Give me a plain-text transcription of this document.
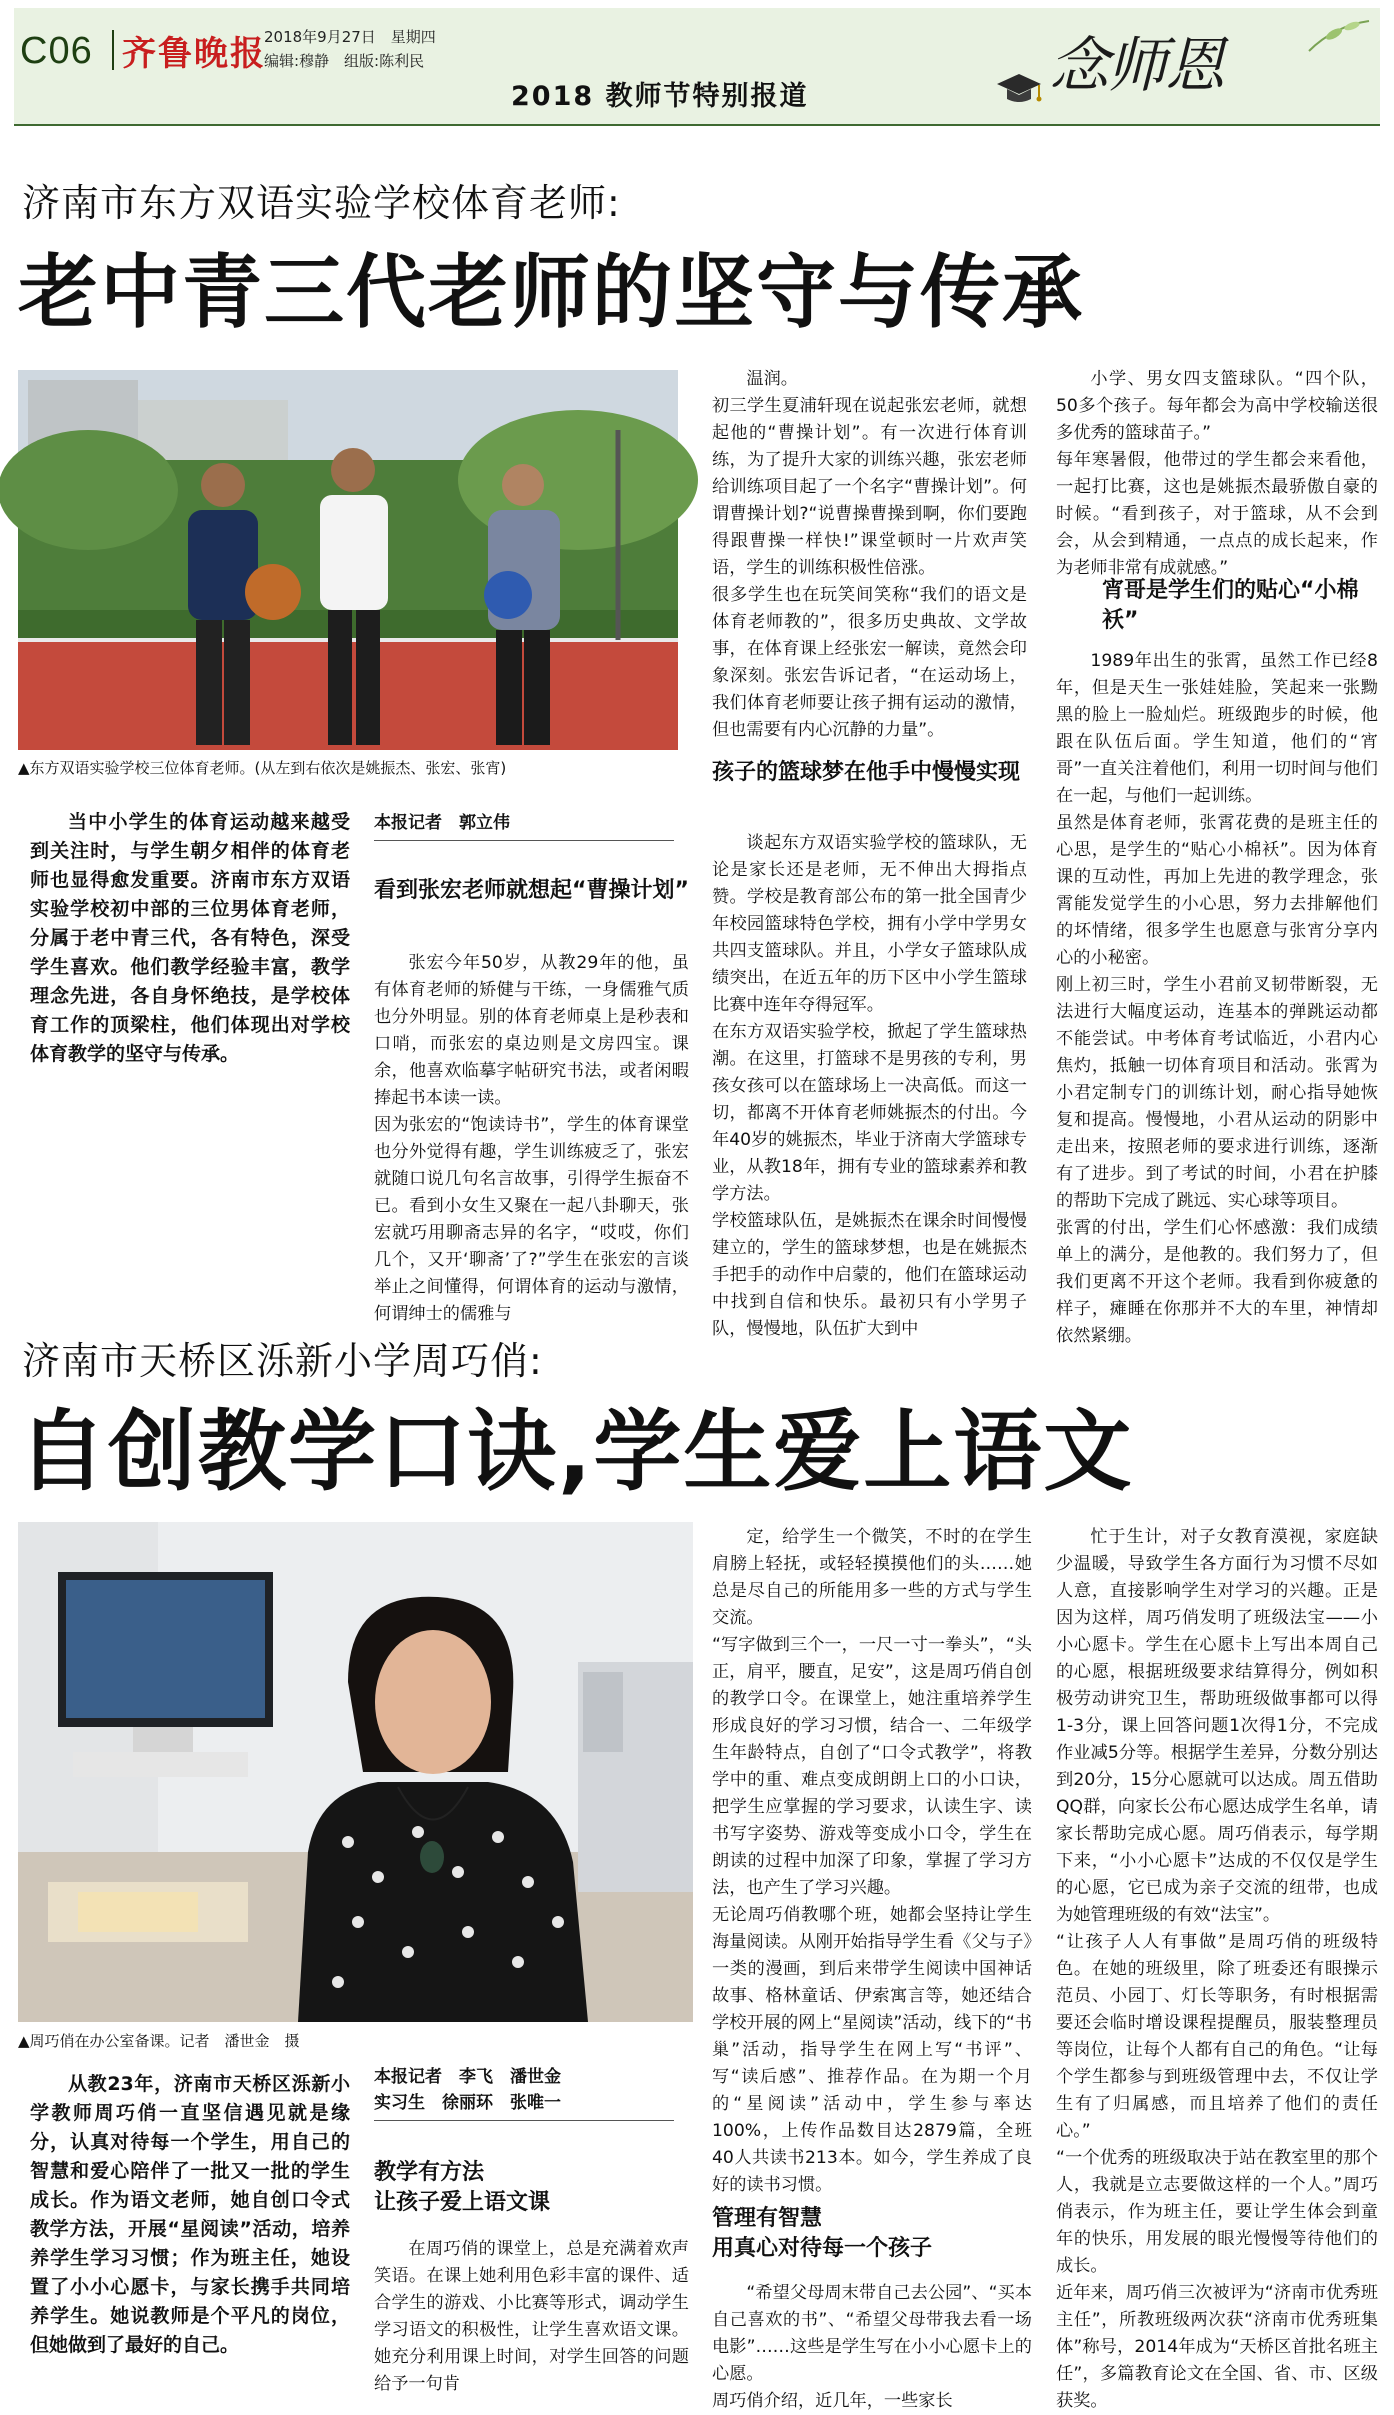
C06 齐鲁晚报
2018年9月27日　星期四
编辑:穆静　组版:陈利民
2018 教师节特别报道	念师恩
济南市东方双语实验学校体育老师:
老中青三代老师的坚守与传承
▲东方双语实验学校三位体育老师。(从左到右依次是姚振杰、张宏、张宵)
当中小学生的体育运动越来越受到关注时，与学生朝夕相伴的体育老师也显得愈发重要。济南市东方双语实验学校初中部的三位男体育老师，分属于老中青三代，各有特色，深受学生喜欢。他们教学经验丰富，教学理念先进，各自身怀绝技，是学校体育工作的顶梁柱，他们体现出对学校体育教学的坚守与传承。
本报记者　郭立伟
看到张宏老师就想起“曹操计划”
张宏今年50岁，从教29年的他，虽有体育老师的矫健与干练，一身儒雅气质也分外明显。别的体育老师桌上是秒表和口哨，而张宏的桌边则是文房四宝。课余，他喜欢临摹字帖研究书法，或者闲暇捧起书本读一读。
因为张宏的“饱读诗书”，学生的体育课堂也分外觉得有趣，学生训练疲乏了，张宏就随口说几句名言故事，引得学生振奋不已。看到小女生又聚在一起八卦聊天，张宏就巧用聊斋志异的名字，“哎哎，你们几个，又开‘聊斋’了?”学生在张宏的言谈举止之间懂得，何谓体育的运动与激情，何谓绅士的儒雅与
温润。
初三学生夏浦轩现在说起张宏老师，就想起他的“曹操计划”。有一次进行体育训练，为了提升大家的训练兴趣，张宏老师给训练项目起了一个名字“曹操计划”。何谓曹操计划?“说曹操曹操到啊，你们要跑得跟曹操一样快!”课堂顿时一片欢声笑语，学生的训练积极性倍涨。
很多学生也在玩笑间笑称“我们的语文是体育老师教的”，很多历史典故、文学故事，在体育课上经张宏一解读，竟然会印象深刻。张宏告诉记者，“在运动场上，我们体育老师要让孩子拥有运动的激情，但也需要有内心沉静的力量”。
孩子的篮球梦在他手中慢慢实现
谈起东方双语实验学校的篮球队，无论是家长还是老师，无不伸出大拇指点赞。学校是教育部公布的第一批全国青少年校园篮球特色学校，拥有小学中学男女共四支篮球队。并且，小学女子篮球队成绩突出，在近五年的历下区中小学生篮球比赛中连年夺得冠军。
在东方双语实验学校，掀起了学生篮球热潮。在这里，打篮球不是男孩的专利，男孩女孩可以在篮球场上一决高低。而这一切，都离不开体育老师姚振杰的付出。今年40岁的姚振杰，毕业于济南大学篮球专业，从教18年，拥有专业的篮球素养和教学方法。
学校篮球队伍，是姚振杰在课余时间慢慢建立的，学生的篮球梦想，也是在姚振杰手把手的动作中启蒙的，他们在篮球运动中找到自信和快乐。最初只有小学男子队，慢慢地，队伍扩大到中
小学、男女四支篮球队。“四个队，50多个孩子。每年都会为高中学校输送很多优秀的篮球苗子。”
每年寒暑假，他带过的学生都会来看他，一起打比赛，这也是姚振杰最骄傲自豪的时候。“看到孩子，对于篮球，从不会到会，从会到精通，一点点的成长起来，作为老师非常有成就感。”
宵哥是学生们的贴心“小棉袄”
1989年出生的张霄，虽然工作已经8年，但是天生一张娃娃脸，笑起来一张黝黑的脸上一脸灿烂。班级跑步的时候，他跟在队伍后面。学生知道，他们的“宵哥”一直关注着他们，利用一切时间与他们在一起，与他们一起训练。
虽然是体育老师，张霄花费的是班主任的心思，是学生的“贴心小棉袄”。因为体育课的互动性，再加上先进的教学理念，张霄能发觉学生的小心思，努力去排解他们的坏情绪，很多学生也愿意与张宵分享内心的小秘密。
刚上初三时，学生小君前叉韧带断裂，无法进行大幅度运动，连基本的弹跳运动都不能尝试。中考体育考试临近，小君内心焦灼，抵触一切体育项目和活动。张霄为小君定制专门的训练计划，耐心指导她恢复和提高。慢慢地，小君从运动的阴影中走出来，按照老师的要求进行训练，逐渐有了进步。到了考试的时间，小君在护膝的帮助下完成了跳远、实心球等项目。
张霄的付出，学生们心怀感激：我们成绩单上的满分，是他教的。我们努力了，但我们更离不开这个老师。我看到你疲惫的样子，瘫睡在你那并不大的车里，神情却依然紧绷。
济南市天桥区泺新小学周巧俏:
自创教学口诀,学生爱上语文
▲周巧俏在办公室备课。记者　潘世金　摄
从教23年，济南市天桥区泺新小学教师周巧俏一直坚信遇见就是缘分，认真对待每一个学生，用自己的智慧和爱心陪伴了一批又一批的学生成长。作为语文老师，她自创口令式教学方法，开展“星阅读”活动，培养养学生学习习惯；作为班主任，她设置了小小心愿卡，与家长携手共同培养学生。她说教师是个平凡的岗位，但她做到了最好的自己。
本报记者　李飞　潘世金
实习生　徐丽环　张唯一
教学有方法
让孩子爱上语文课
在周巧俏的课堂上，总是充满着欢声笑语。在课上她利用色彩丰富的课件、适合学生的游戏、小比赛等形式，调动学生学习语文的积极性，让学生喜欢语文课。她充分利用课上时间，对学生回答的问题给予一句肯
定，给学生一个微笑，不时的在学生肩膀上轻抚，或轻轻摸摸他们的头……她总是尽自己的所能用多一些的方式与学生交流。
“写字做到三个一，一尺一寸一拳头”，“头正，肩平，腰直，足安”，这是周巧俏自创的教学口令。在课堂上，她注重培养学生形成良好的学习习惯，结合一、二年级学生年龄特点，自创了“口令式教学”，将教学中的重、难点变成朗朗上口的小口诀，把学生应掌握的学习要求，认读生字、读书写字姿势、游戏等变成小口令，学生在朗读的过程中加深了印象，掌握了学习方法，也产生了学习兴趣。
无论周巧俏教哪个班，她都会坚持让学生海量阅读。从刚开始指导学生看《父与子》一类的漫画，到后来带学生阅读中国神话故事、格林童话、伊索寓言等，她还结合学校开展的网上“星阅读”活动，线下的“书巢”活动，指导学生在网上写“书评”、写“读后感”、推荐作品。在为期一个月的“星阅读”活动中，学生参与率达100%，上传作品数目达2879篇，全班40人共读书213本。如今，学生养成了良好的读书习惯。
管理有智慧
用真心对待每一个孩子
“希望父母周末带自己去公园”、“买本自己喜欢的书”、“希望父母带我去看一场电影”……这些是学生写在小小心愿卡上的心愿。
周巧俏介绍，近几年，一些家长
忙于生计，对子女教育漠视，家庭缺少温暖，导致学生各方面行为习惯不尽如人意，直接影响学生对学习的兴趣。正是因为这样，周巧俏发明了班级法宝——小小心愿卡。学生在心愿卡上写出本周自己的心愿，根据班级要求结算得分，例如积极劳动讲究卫生，帮助班级做事都可以得1-3分，课上回答问题1次得1分，不完成作业减5分等。根据学生差异，分数分别达到20分，15分心愿就可以达成。周五借助QQ群，向家长公布心愿达成学生名单，请家长帮助完成心愿。周巧俏表示，每学期下来，“小小心愿卡”达成的不仅仅是学生的心愿，它已成为亲子交流的纽带，也成为她管理班级的有效“法宝”。
“让孩子人人有事做”是周巧俏的班级特色。在她的班级里，除了班委还有眼操示范员、小园丁、灯长等职务，有时根据需要还会临时增设课程提醒员，服装整理员等岗位，让每个人都有自己的角色。“让每个学生都参与到班级管理中去，不仅让学生有了归属感，而且培养了他们的责任心。”
“一个优秀的班级取决于站在教室里的那个人，我就是立志要做这样的一个人。”周巧俏表示，作为班主任，要让学生体会到童年的快乐，用发展的眼光慢慢等待他们的成长。
近年来，周巧俏三次被评为“济南市优秀班主任”，所教班级两次获“济南市优秀班集体”称号，2014年成为“天桥区首批名班主任”，多篇教育论文在全国、省、市、区级获奖。
